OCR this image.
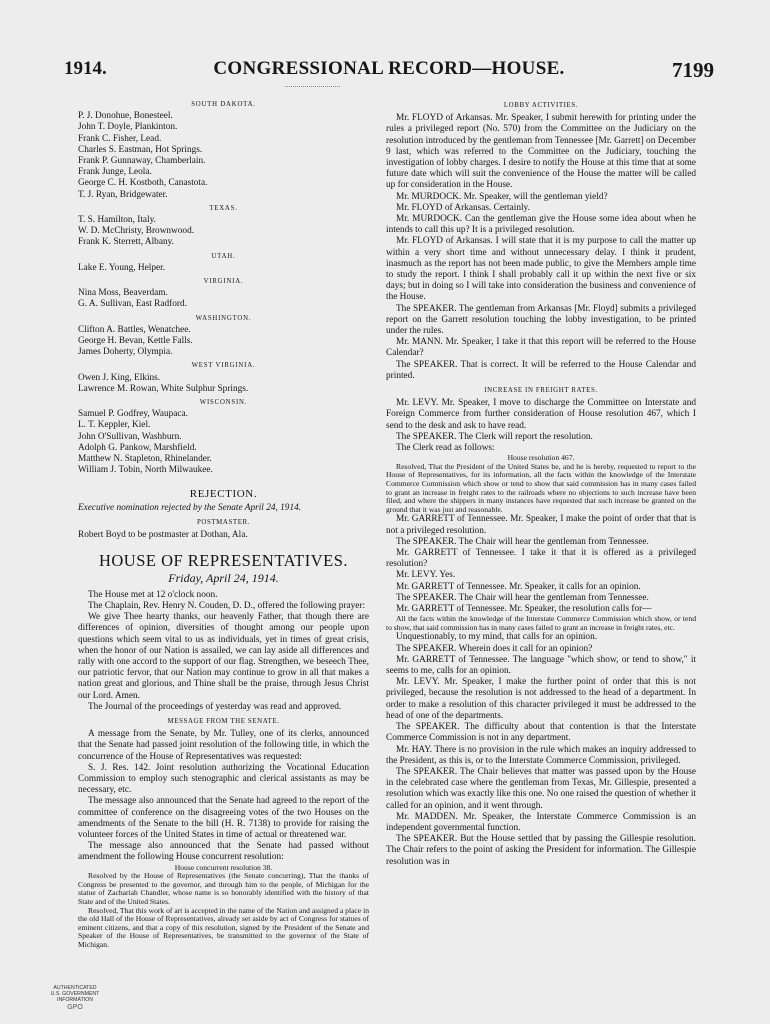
1914.	CONGRESSIONAL RECORD—HOUSE.	7199
SOUTH DAKOTA.
P. J. Donohue, Bonesteel.
John T. Doyle, Plankinton.
Frank C. Fisher, Lead.
Charles S. Eastman, Hot Springs.
Frank P. Gunnaway, Chamberlain.
Frank Junge, Leola.
George C. H. Kostboth, Canastota.
T. J. Ryan, Bridgewater.
TEXAS.
T. S. Hamilton, Italy.
W. D. McChristy, Brownwood.
Frank K. Sterrett, Albany.
UTAH.
Lake E. Young, Helper.
VIRGINIA.
Nina Moss, Beaverdam.
G. A. Sullivan, East Radford.
WASHINGTON.
Clifton A. Battles, Wenatchee.
George H. Bevan, Kettle Falls.
James Doherty, Olympia.
WEST VIRGINIA.
Owen J. King, Elkins.
Lawrence M. Rowan, White Sulphur Springs.
WISCONSIN.
Samuel P. Godfrey, Waupaca.
L. T. Keppler, Kiel.
John O'Sullivan, Washburn.
Adolph G. Pankow, Marshfield.
Matthew N. Stapleton, Rhinelander.
William J. Tobin, North Milwaukee.
REJECTION.

Executive nomination rejected by the Senate April 24, 1914.

POSTMASTER.

Robert Boyd to be postmaster at Dothan, Ala.

HOUSE OF REPRESENTATIVES.
Friday, April 24, 1914.

The House met at 12 o'clock noon.

The Chaplain, Rev. Henry N. Couden, D. D., offered the following prayer:

We give Thee hearty thanks, our heavenly Father, that though there are differences of opinion, diversities of thought among our people upon questions which seem vital to us as individuals, yet in times of great crisis, when the honor of our Nation is assailed, we can lay aside all differences and rally with one accord to the support of our flag. Strengthen, we beseech Thee, our patriotic fervor, that our Nation may continue to grow in all that makes a nation great and glorious, and Thine shall be the praise, through Jesus Christ our Lord. Amen.

The Journal of the proceedings of yesterday was read and approved.

MESSAGE FROM THE SENATE.

A message from the Senate, by Mr. Tulley, one of its clerks, announced that the Senate had passed joint resolution of the following title, in which the concurrence of the House of Representatives was requested:

S. J. Res. 142. Joint resolution authorizing the Vocational Education Commission to employ such stenographic and clerical assistants as may be necessary, etc.

The message also announced that the Senate had agreed to the report of the committee of conference on the disagreeing votes of the two Houses on the amendments of the Senate to the bill (H. R. 7138) to provide for raising the volunteer forces of the United States in time of actual or threatened war.

The message also announced that the Senate had passed without amendment the following House concurrent resolution:

House concurrent resolution 38.

Resolved by the House of Representatives (the Senate concurring), That the thanks of Congress be presented to the governor, and through him to the people, of Michigan for the statue of Zachariah Chandler, whose name is so honorably identified with the history of that State and of the United States.

Resolved, That this work of art is accepted in the name of the Nation and assigned a place in the old Hall of the House of Representatives, already set aside by act of Congress for statues of eminent citizens, and that a copy of this resolution, signed by the President of the Senate and Speaker of the House of Representatives, be transmitted to the governor of the State of Michigan.

LOBBY ACTIVITIES.

Mr. FLOYD of Arkansas. Mr. Speaker, I submit herewith for printing under the rules a privileged report (No. 570) from the Committee on the Judiciary on the resolution introduced by the gentleman from Tennessee [Mr. Garrett] on December 9 last, which was referred to the Committee on the Judiciary, touching the investigation of lobby charges. I desire to notify the House at this time that at some future date which will suit the convenience of the House the matter will be called up for consideration in the House.

Mr. MURDOCK. Mr. Speaker, will the gentleman yield?

Mr. FLOYD of Arkansas. Certainly.

Mr. MURDOCK. Can the gentleman give the House some idea about when he intends to call this up? It is a privileged resolution.

Mr. FLOYD of Arkansas. I will state that it is my purpose to call the matter up within a very short time and without unnecessary delay. I think it prudent, inasmuch as the report has not been made public, to give the Members ample time to study the report. I think I shall probably call it up within the next five or six days; but in doing so I will take into consideration the business and convenience of the House.

The SPEAKER. The gentleman from Arkansas [Mr. Floyd] submits a privileged report on the Garrett resolution touching the lobby investigation, to be printed under the rules.

Mr. MANN. Mr. Speaker, I take it that this report will be referred to the House Calendar?

The SPEAKER. That is correct. It will be referred to the House Calendar and printed.

INCREASE IN FREIGHT RATES.

Mr. LEVY. Mr. Speaker, I move to discharge the Committee on Interstate and Foreign Commerce from further consideration of House resolution 467, which I send to the desk and ask to have read.

The SPEAKER. The Clerk will report the resolution.

The Clerk read as follows:

House resolution 467.

Resolved, That the President of the United States be, and he is hereby, requested to report to the House of Representatives, for its information, all the facts within the knowledge of the Interstate Commerce Commission which show or tend to show that said commission has in many cases failed to grant an increase in freight rates to the railroads where no objections to such increase have been filed, and where the shippers in many instances have requested that such increase be granted on the ground that it was just and reasonable.

Mr. GARRETT of Tennessee. Mr. Speaker, I make the point of order that that is not a privileged resolution.

The SPEAKER. The Chair will hear the gentleman from Tennessee.

Mr. GARRETT of Tennessee. I take it that it is offered as a privileged resolution?

Mr. LEVY. Yes.

Mr. GARRETT of Tennessee. Mr. Speaker, it calls for an opinion.

The SPEAKER. The Chair will hear the gentleman from Tennessee.

Mr. GARRETT of Tennessee. Mr. Speaker, the resolution calls for—

All the facts within the knowledge of the Interstate Commerce Commission which show, or tend to show, that said commission has in many cases failed to grant an increase in freight rates, etc.

Unquestionably, to my mind, that calls for an opinion.

The SPEAKER. Wherein does it call for an opinion?

Mr. GARRETT of Tennessee. The language "which show, or tend to show," it seems to me, calls for an opinion.

Mr. LEVY. Mr. Speaker, I make the further point of order that this is not privileged, because the resolution is not addressed to the head of a department. In order to make a resolution of this character privileged it must be addressed to the head of one of the departments.

The SPEAKER. The difficulty about that contention is that the Interstate Commerce Commission is not in any department.

Mr. HAY. There is no provision in the rule which makes an inquiry addressed to the President, as this is, or to the Interstate Commerce Commission, privileged.

The SPEAKER. The Chair believes that matter was passed upon by the House in the celebrated case where the gentleman from Texas, Mr. Gillespie, presented a resolution which was exactly like this one. No one raised the question of whether it called for an opinion, and it went through.

Mr. MADDEN. Mr. Speaker, the Interstate Commerce Commission is an independent governmental function.

The SPEAKER. But the House settled that by passing the Gillespie resolution. The Chair refers to the point of asking the President for information. The Gillespie resolution was in

AUTHENTICATED
U.S. GOVERNMENT
INFORMATION
GPO
